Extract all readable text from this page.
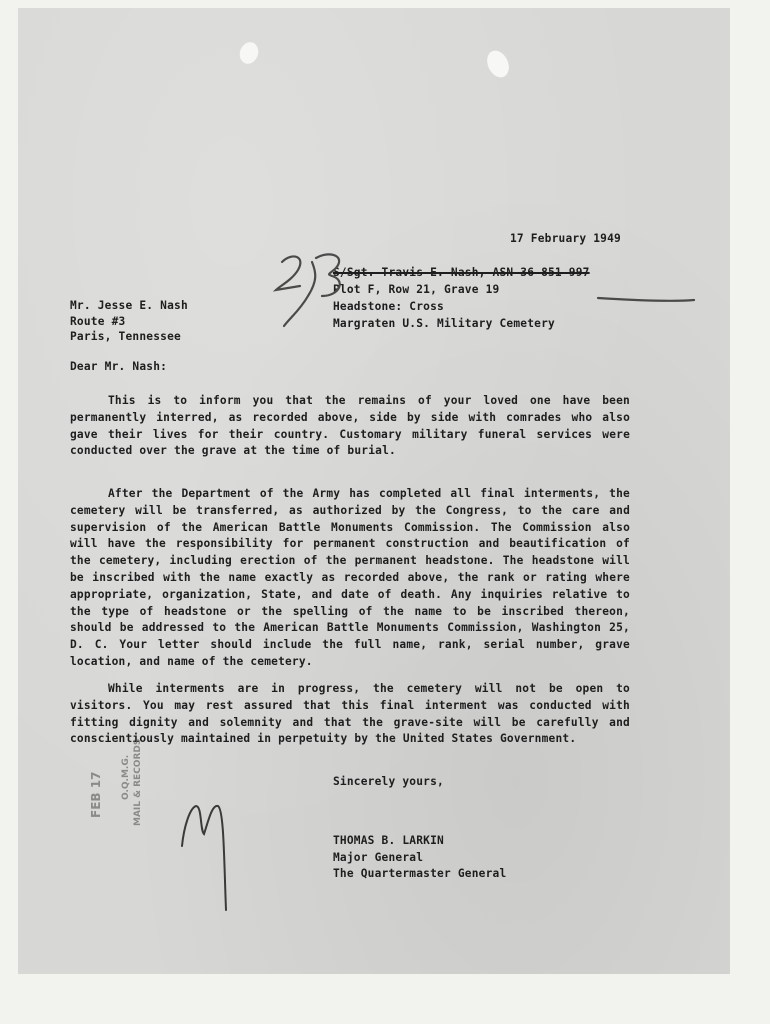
17 February 1949

S/Sgt. Travis E. Nash, ASN 36 851 997
Plot F, Row 21, Grave 19
Headstone: Cross
Margraten U.S. Military Cemetery
Mr. Jesse E. Nash
Route #3
Paris, Tennessee

Dear Mr. Nash:

This is to inform you that the remains of your loved one have been permanently interred, as recorded above, side by side with comrades who also gave their lives for their country. Customary military funeral services were conducted over the grave at the time of burial.

After the Department of the Army has completed all final interments, the cemetery will be transferred, as authorized by the Congress, to the care and supervision of the American Battle Monuments Commission. The Commission also will have the responsibility for permanent construction and beautification of the cemetery, including erection of the permanent headstone. The headstone will be inscribed with the name exactly as recorded above, the rank or rating where appropriate, organization, State, and date of death. Any inquiries relative to the type of headstone or the spelling of the name to be inscribed thereon, should be addressed to the American Battle Monuments Commission, Washington 25, D. C. Your letter should include the full name, rank, serial number, grave location, and name of the cemetery.

While interments are in progress, the cemetery will not be open to visitors. You may rest assured that this final interment was conducted with fitting dignity and solemnity and that the grave-site will be carefully and conscientiously maintained in perpetuity by the United States Government.

Sincerely yours,

THOMAS B. LARKIN
Major General
The Quartermaster General
FEB 17 O.Q.M.G. MAIL & RECORDS
